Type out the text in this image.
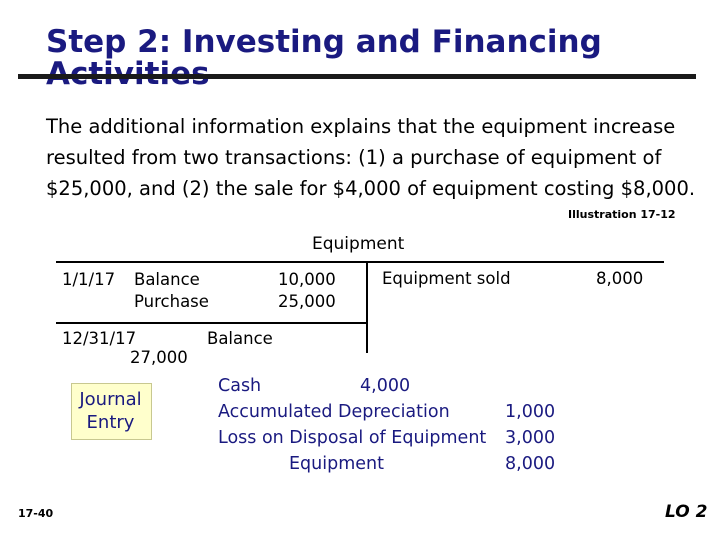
Step 2: Investing and Financing
The additional information explains that the equipment increase resulted from two transactions: (1) a purchase of equipment of $25,000, and (2) the sale for $4,000 of equipment costing $8,000.
Illustration 17-12
Equipment
1/1/17 Balance	10,000
Purchase	25,000
Equipment sold	8,000
12/31/17	Balance
27,000
Journal
Entry
Cash	4,000
Accumulated Depreciation	1,000
Loss on Disposal of Equipment 3,000
Equipment	8,000
17-40	LO 2
